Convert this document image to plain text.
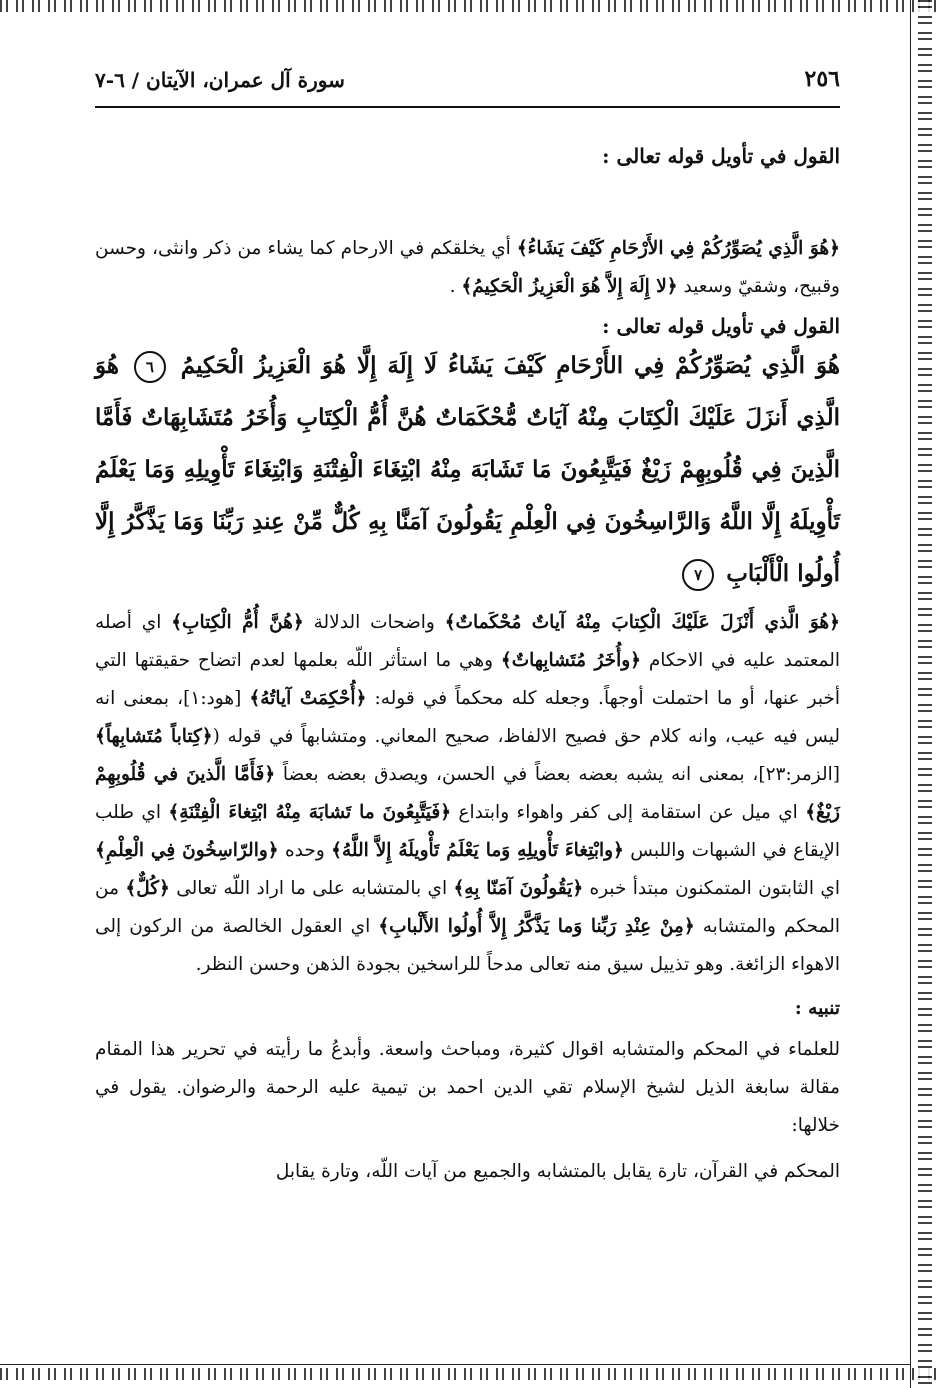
٢٥٦
سورة آل عمران، الآيتان / ٦-٧

القول في تأويل قوله تعالى :

﴿هُوَ الَّذِي يُصَوِّرُكُمْ فِي الأَرْحَامِ كَيْفَ يَشَاءُ﴾ أي يخلقكم في الارحام كما يشاء من ذكر وانثى، وحسن وقبيح، وشقيّ وسعيد ﴿لا إِلَهَ إِلاَّ هُوَ الْعَزِيزُ الْحَكِيمُ﴾ .

القول في تأويل قوله تعالى :

هُوَ الَّذِي يُصَوِّرُكُمْ فِي الأَرْحَامِ كَيْفَ يَشَاءُ لَا إِلَهَ إِلَّا هُوَ الْعَزِيزُ الْحَكِيمُ ٦ هُوَ الَّذِي أَنزَلَ عَلَيْكَ الْكِتَابَ مِنْهُ آيَاتٌ مُّحْكَمَاتٌ هُنَّ أُمُّ الْكِتَابِ وَأُخَرُ مُتَشَابِهَاتٌ فَأَمَّا الَّذِينَ فِي قُلُوبِهِمْ زَيْغٌ فَيَتَّبِعُونَ مَا تَشَابَهَ مِنْهُ ابْتِغَاءَ الْفِتْنَةِ وَابْتِغَاءَ تَأْوِيلِهِ وَمَا يَعْلَمُ تَأْوِيلَهُ إِلَّا اللَّهُ وَالرَّاسِخُونَ فِي الْعِلْمِ يَقُولُونَ آمَنَّا بِهِ كُلٌّ مِّنْ عِندِ رَبِّنَا وَمَا يَذَّكَّرُ إِلَّا أُولُوا الْأَلْبَابِ ٧

﴿هُوَ الَّذي أَنْزَلَ عَلَيْكَ الْكِتابَ مِنْهُ آياتٌ مُحْكَماتٌ﴾ واضحات الدلالة ﴿هُنَّ أُمُّ الْكِتابِ﴾ اي أصله المعتمد عليه في الاحكام ﴿وأُخَرُ مُتَشابِهاتٌ﴾ وهي ما استأثر اللّه بعلمها لعدم اتضاح حقيقتها التي أخبر عنها، أو ما احتملت أوجهاً. وجعله كله محكماً في قوله: ﴿أُحْكِمَتْ آياتُهُ﴾ [هود:١]، بمعنى انه ليس فيه عيب، وانه كلام حق فصيح الالفاظ، صحيح المعاني. ومتشابهاً في قوله (﴿كِتاباً مُتَشابِهاً﴾ [الزمر:٢٣]، بمعنى انه يشبه بعضه بعضاً في الحسن، ويصدق بعضه بعضاً ﴿فَأَمَّا الَّذينَ في قُلُوبِهِمْ زَيْغٌ﴾ اي ميل عن استقامة إلى كفر واهواء وابتداع ﴿فَيَتَّبِعُونَ ما تَشابَهَ مِنْهُ ابْتِغاءَ الْفِتْنَةِ﴾ اي طلب الإيقاع في الشبهات واللبس ﴿وابْتِغاءَ تَأْويلِهِ وَما يَعْلَمُ تَأْويلَهُ إِلاَّ اللَّهُ﴾ وحده ﴿والرّاسِخُونَ فِي الْعِلْمِ﴾ اي الثابتون المتمكنون مبتدأ خبره ﴿يَقُولُونَ آمَنّا بِهِ﴾ اي بالمتشابه على ما اراد اللّه تعالى ﴿كُلٌّ﴾ من المحكم والمتشابه ﴿مِنْ عِنْدِ رَبِّنا وَما يَذَّكَّرُ إِلاَّ أُولُوا الأَلْبابِ﴾ اي العقول الخالصة من الركون إلى الاهواء الزائغة. وهو تذييل سيق منه تعالى مدحاً للراسخين بجودة الذهن وحسن النظر.

تنبيه :

للعلماء في المحكم والمتشابه اقوال كثيرة، ومباحث واسعة. وأبدعُ ما رأيته في تحرير هذا المقام مقالة سابغة الذيل لشيخ الإسلام تقي الدين احمد بن تيمية عليه الرحمة والرضوان. يقول في خلالها:

المحكم في القرآن، تارة يقابل بالمتشابه والجميع من آيات اللّه، وتارة يقابل
